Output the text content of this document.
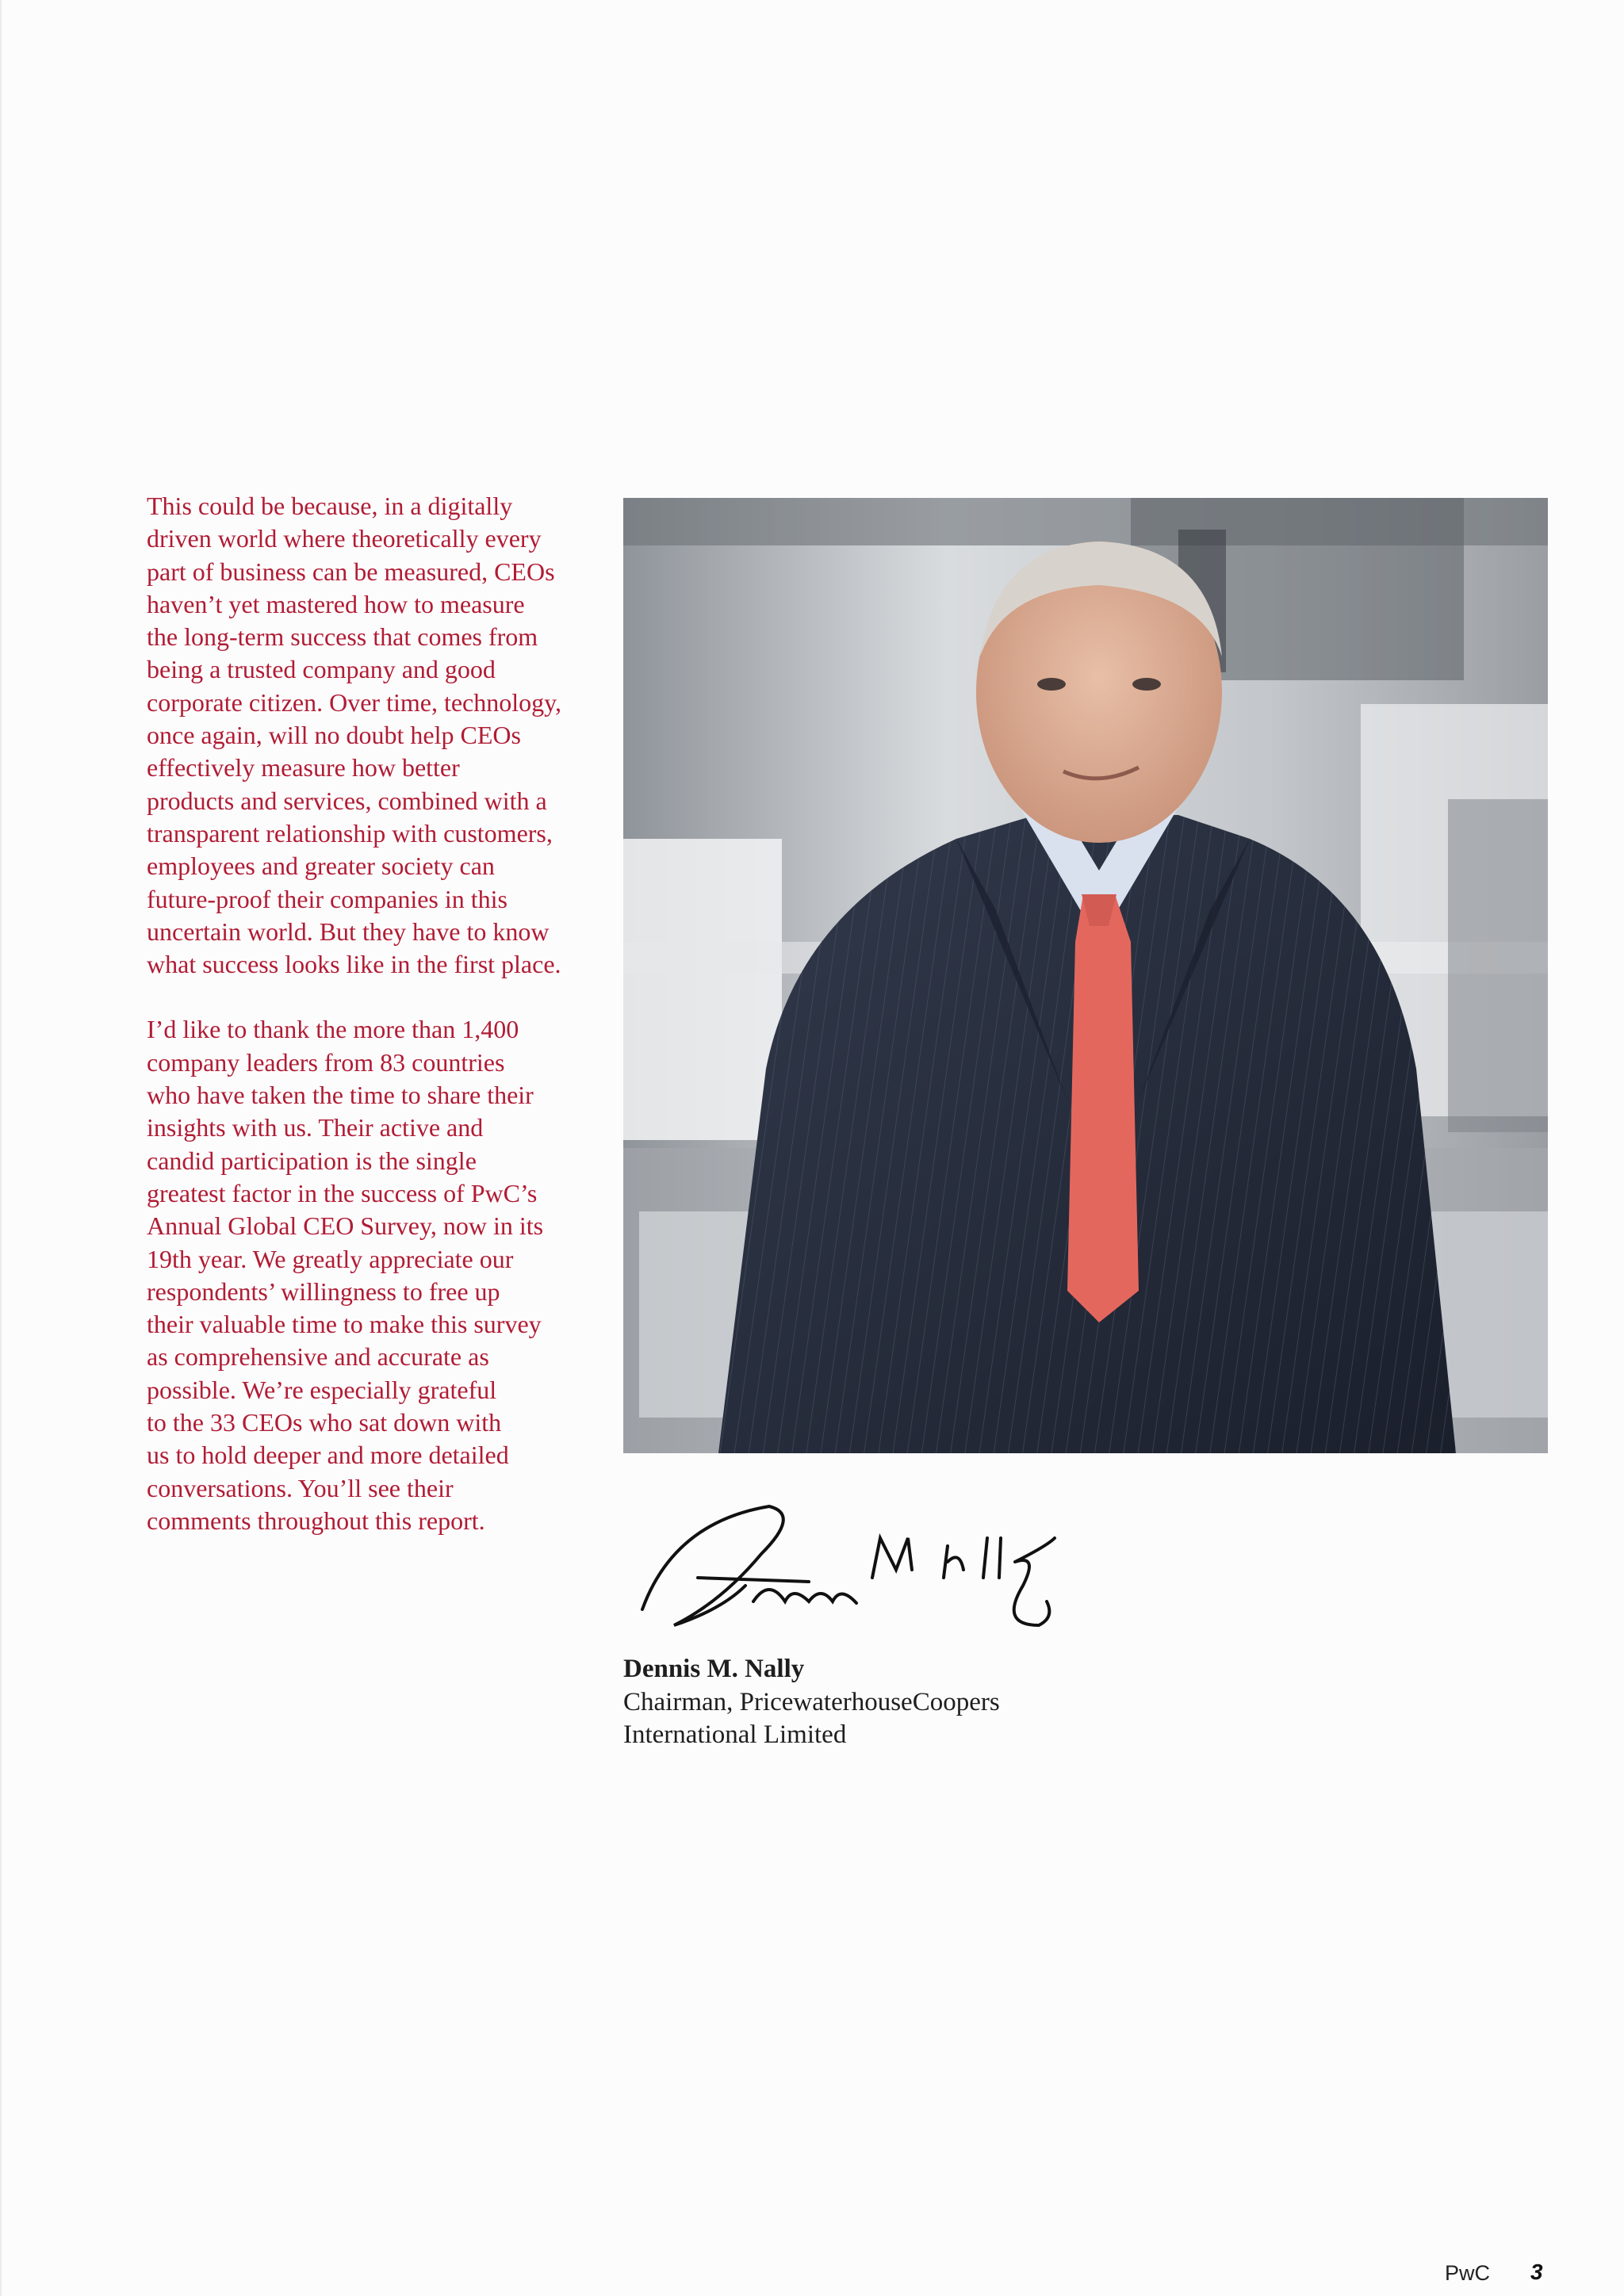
This could be because, in a digitally
driven world where theoretically every
part of business can be measured, CEOs
haven’t yet mastered how to measure
the long-term success that comes from
being a trusted company and good
corporate citizen. Over time, technology,
once again, will no doubt help CEOs
effectively measure how better
products and services, combined with a
transparent relationship with customers,
employees and greater society can
future-proof their companies in this
uncertain world. But they have to know
what success looks like in the first place.

I’d like to thank the more than 1,400
company leaders from 83 countries
who have taken the time to share their
insights with us. Their active and
candid participation is the single
greatest factor in the success of PwC’s
Annual Global CEO Survey, now in its
19th year. We greatly appreciate our
respondents’ willingness to free up
their valuable time to make this survey
as comprehensive and accurate as
possible. We’re especially grateful
to the 33 CEOs who sat down with
us to hold deeper and more detailed
conversations. You’ll see their
comments throughout this report.

Dennis M. Nally
Chairman, PricewaterhouseCoopers
International Limited
PwC 3
